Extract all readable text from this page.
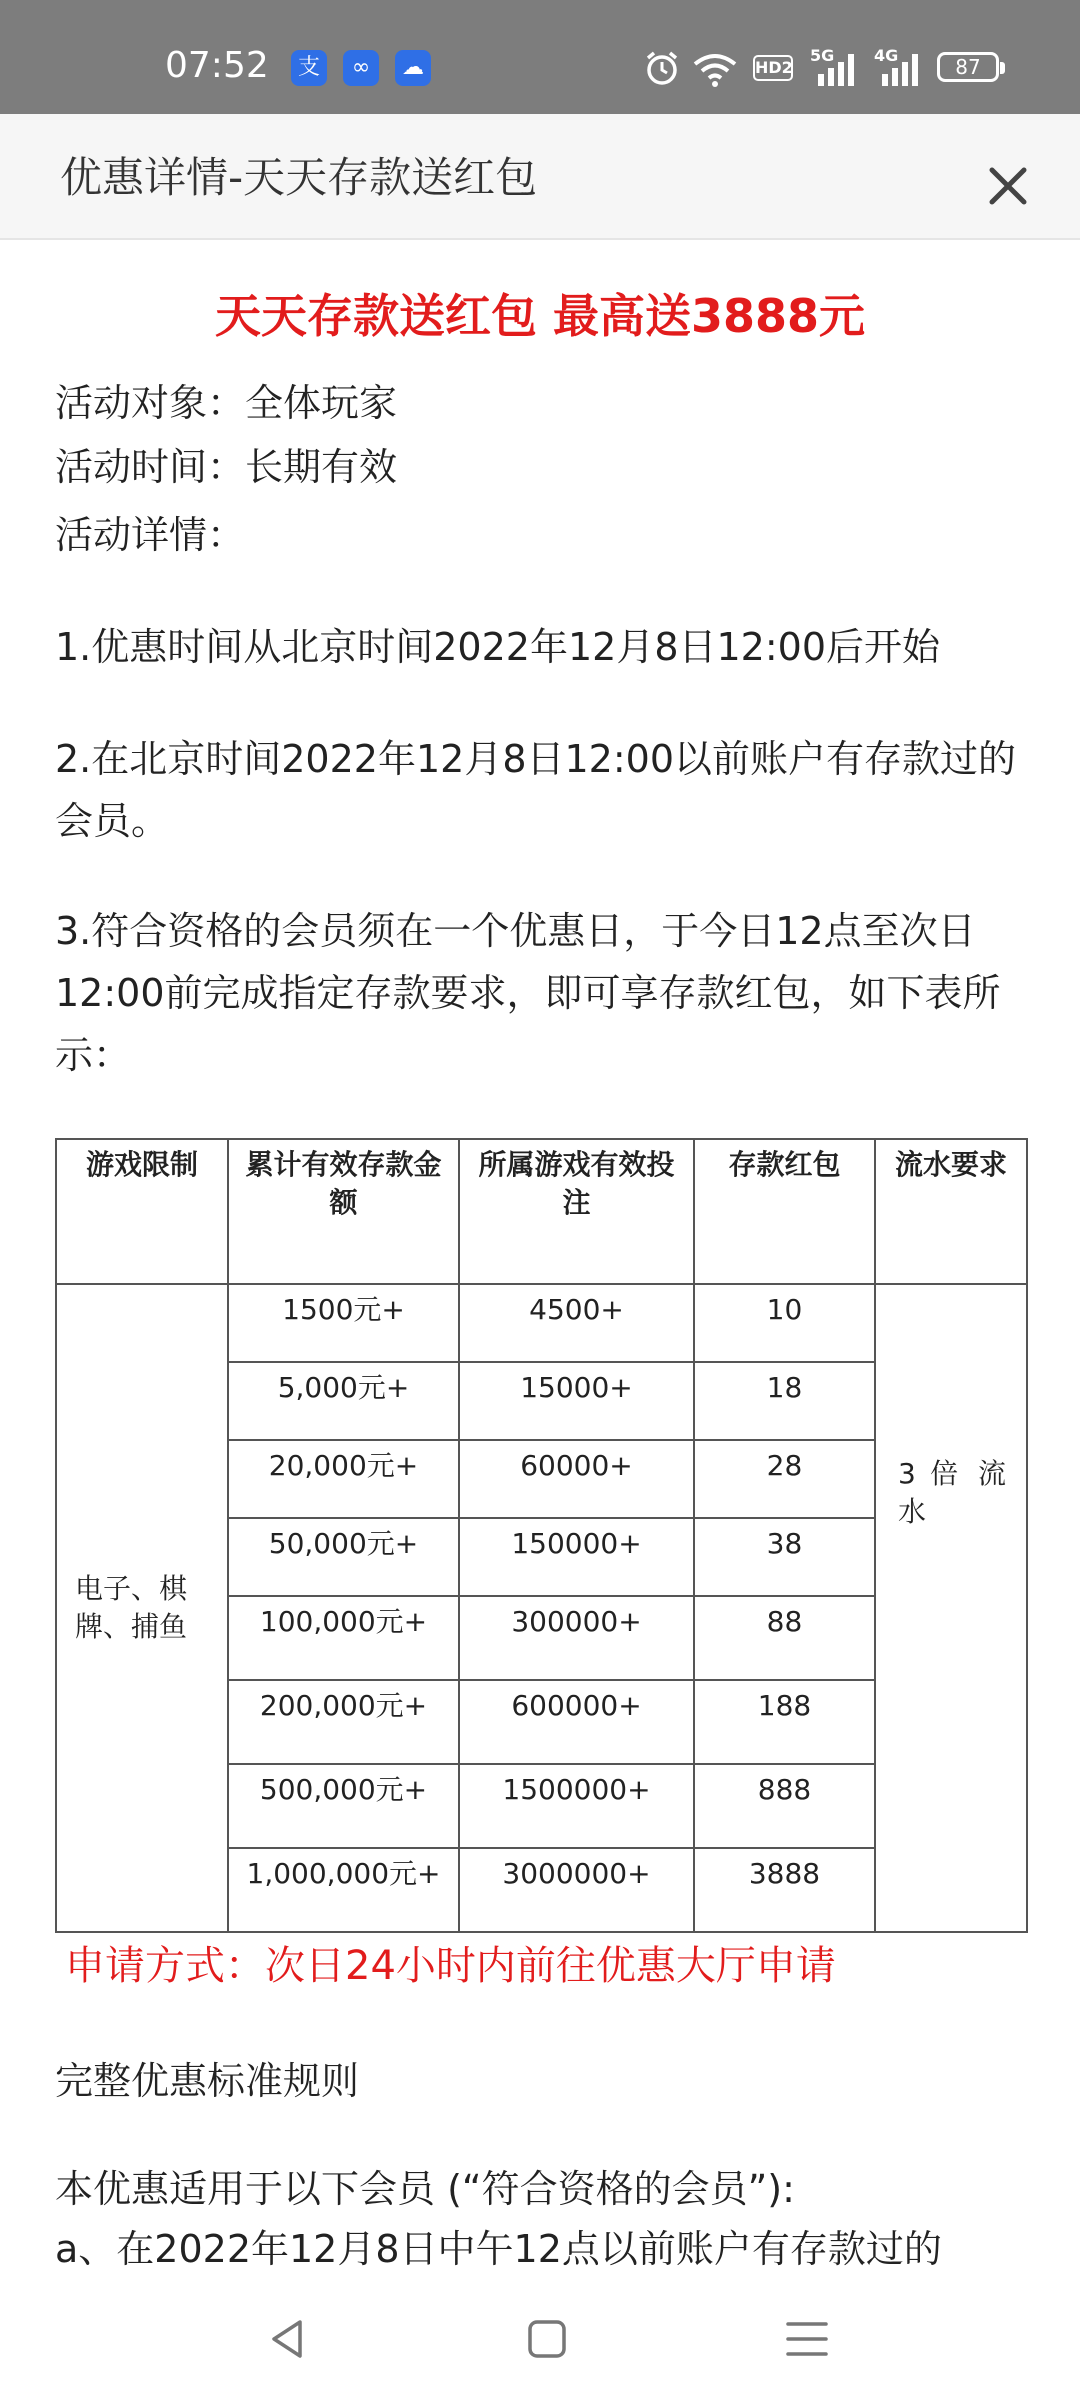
07:52	支	∞	☁	HD2
5G 4G	87
优惠详情-天天存款送红包
天天存款送红包 最高送3888元
活动对象：全体玩家
活动时间：长期有效
活动详情：
1.优惠时间从北京时间2022年12月8日12:00后开始
2.在北京时间2022年12月8日12:00以前账户有存款过的会员。
3.符合资格的会员须在一个优惠日，于今日12点至次日12:00前完成指定存款要求，即可享存款红包，如下表所示：
游戏限制	累计有效存款金额	所属游戏有效投注	存款红包	流水要求
电子、棋牌、捕鱼	1500元+	4500+	10	3 倍 流水
	5,000元+	15000+	18	
	20,000元+	60000+	28	
	50,000元+	150000+	38	
	100,000元+	300000+	88	
	200,000元+	600000+	188	
	500,000元+	1500000+	888	
	1,000,000元+	3000000+	3888	
申请方式：次日24小时内前往优惠大厅申请
完整优惠标准规则
本优惠适用于以下会员 (“符合资格的会员”):
a、在2022年12月8日中午12点以前账户有存款过的
